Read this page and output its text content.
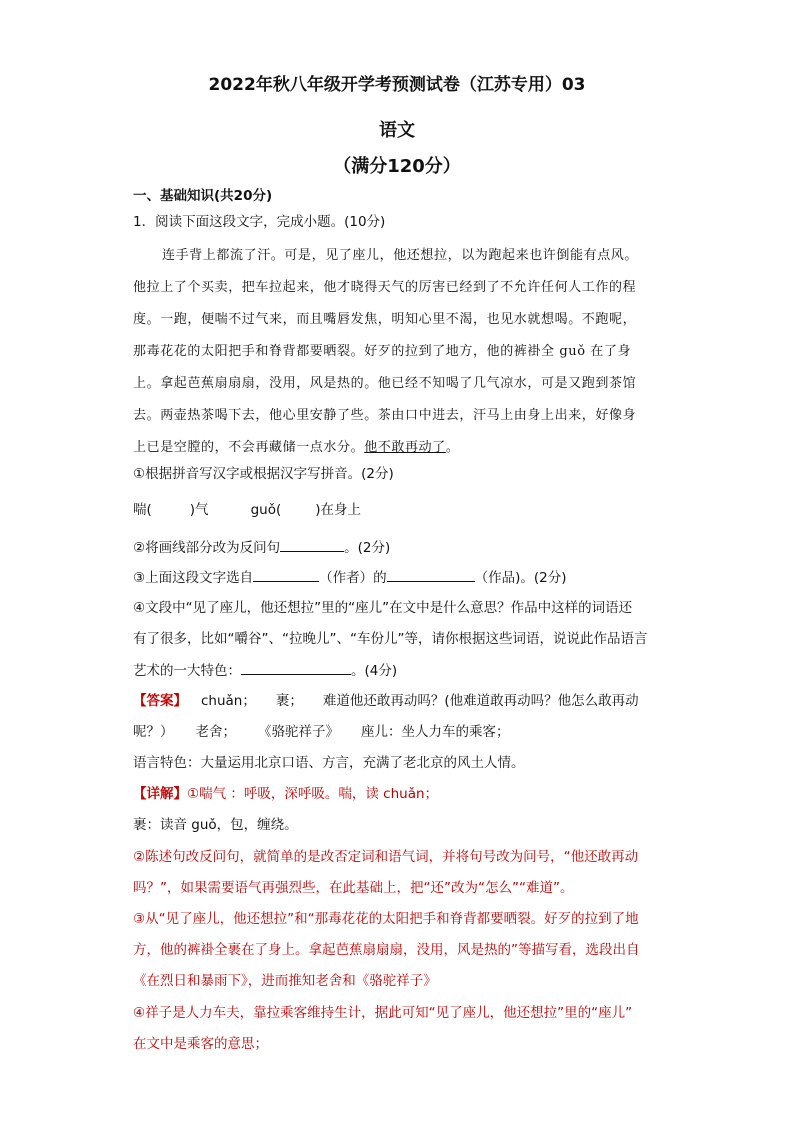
2022年秋八年级开学考预测试卷（江苏专用）03
语文
（满分120分）
一、基础知识(共20分)
1．阅读下面这段文字，完成小题。(10分)
连手背上都流了汗。可是，见了座儿，他还想拉，以为跑起来也许倒能有点风。
他拉上了个买卖，把车拉起来，他才晓得天气的厉害已经到了不允许任何人工作的程
度。一跑，便喘不过气来，而且嘴唇发焦，明知心里不渴，也见水就想喝。不跑呢，
那毒花花的太阳把手和脊背都要晒裂。好歹的拉到了地方，他的裤褂全 guǒ 在了身
上。拿起芭蕉扇扇扇，没用，风是热的。他已经不知喝了几气凉水，可是又跑到茶馆
去。两壶热茶喝下去，他心里安静了些。茶由口中进去，汗马上由身上出来，好像身
上已是空膛的，不会再藏储一点水分。他不敢再动了。
①根据拼音写汉字或根据汉字写拼音。(2分)
喘(	)气	guǒ(	)在身上
②将画线部分改为反问句	。(2分)
③上面这段文字选自	（作者）的	（作品)。(2分)
④文段中“见了座儿，他还想拉”里的“座儿”在文中是什么意思？作品中这样的词语还
有了很多，比如“嚼谷”、“拉晚儿”、“车份儿”等，请你根据这些词语，说说此作品语言
艺术的一大特色：	。(4分)
【答案】 chuǎn； 裹； 难道他还敢再动吗？(他难道敢再动吗？他怎么敢再动
呢？） 老舍； 《骆驼祥子》 座儿：坐人力车的乘客；
语言特色：大量运用北京口语、方言，充满了老北京的风土人情。
【详解】①喘气 ：呼吸，深呼吸。喘，读 chuǎn；
裹：读音 guǒ，包，缠绕。
②陈述句改反问句，就简单的是改否定词和语气词，并将句号改为问号，“他还敢再动
吗？”，如果需要语气再强烈些，在此基础上，把“还”改为“怎么”“难道”。
③从“见了座儿，他还想拉”和“那毒花花的太阳把手和脊背都要晒裂。好歹的拉到了地
方，他的裤褂全裹在了身上。拿起芭蕉扇扇扇，没用，风是热的”等描写看，选段出自
《在烈日和暴雨下》，进而推知老舍和《骆驼祥子》
④祥子是人力车夫，靠拉乘客维持生计，据此可知“见了座儿，他还想拉”里的“座儿”
在文中是乘客的意思；
